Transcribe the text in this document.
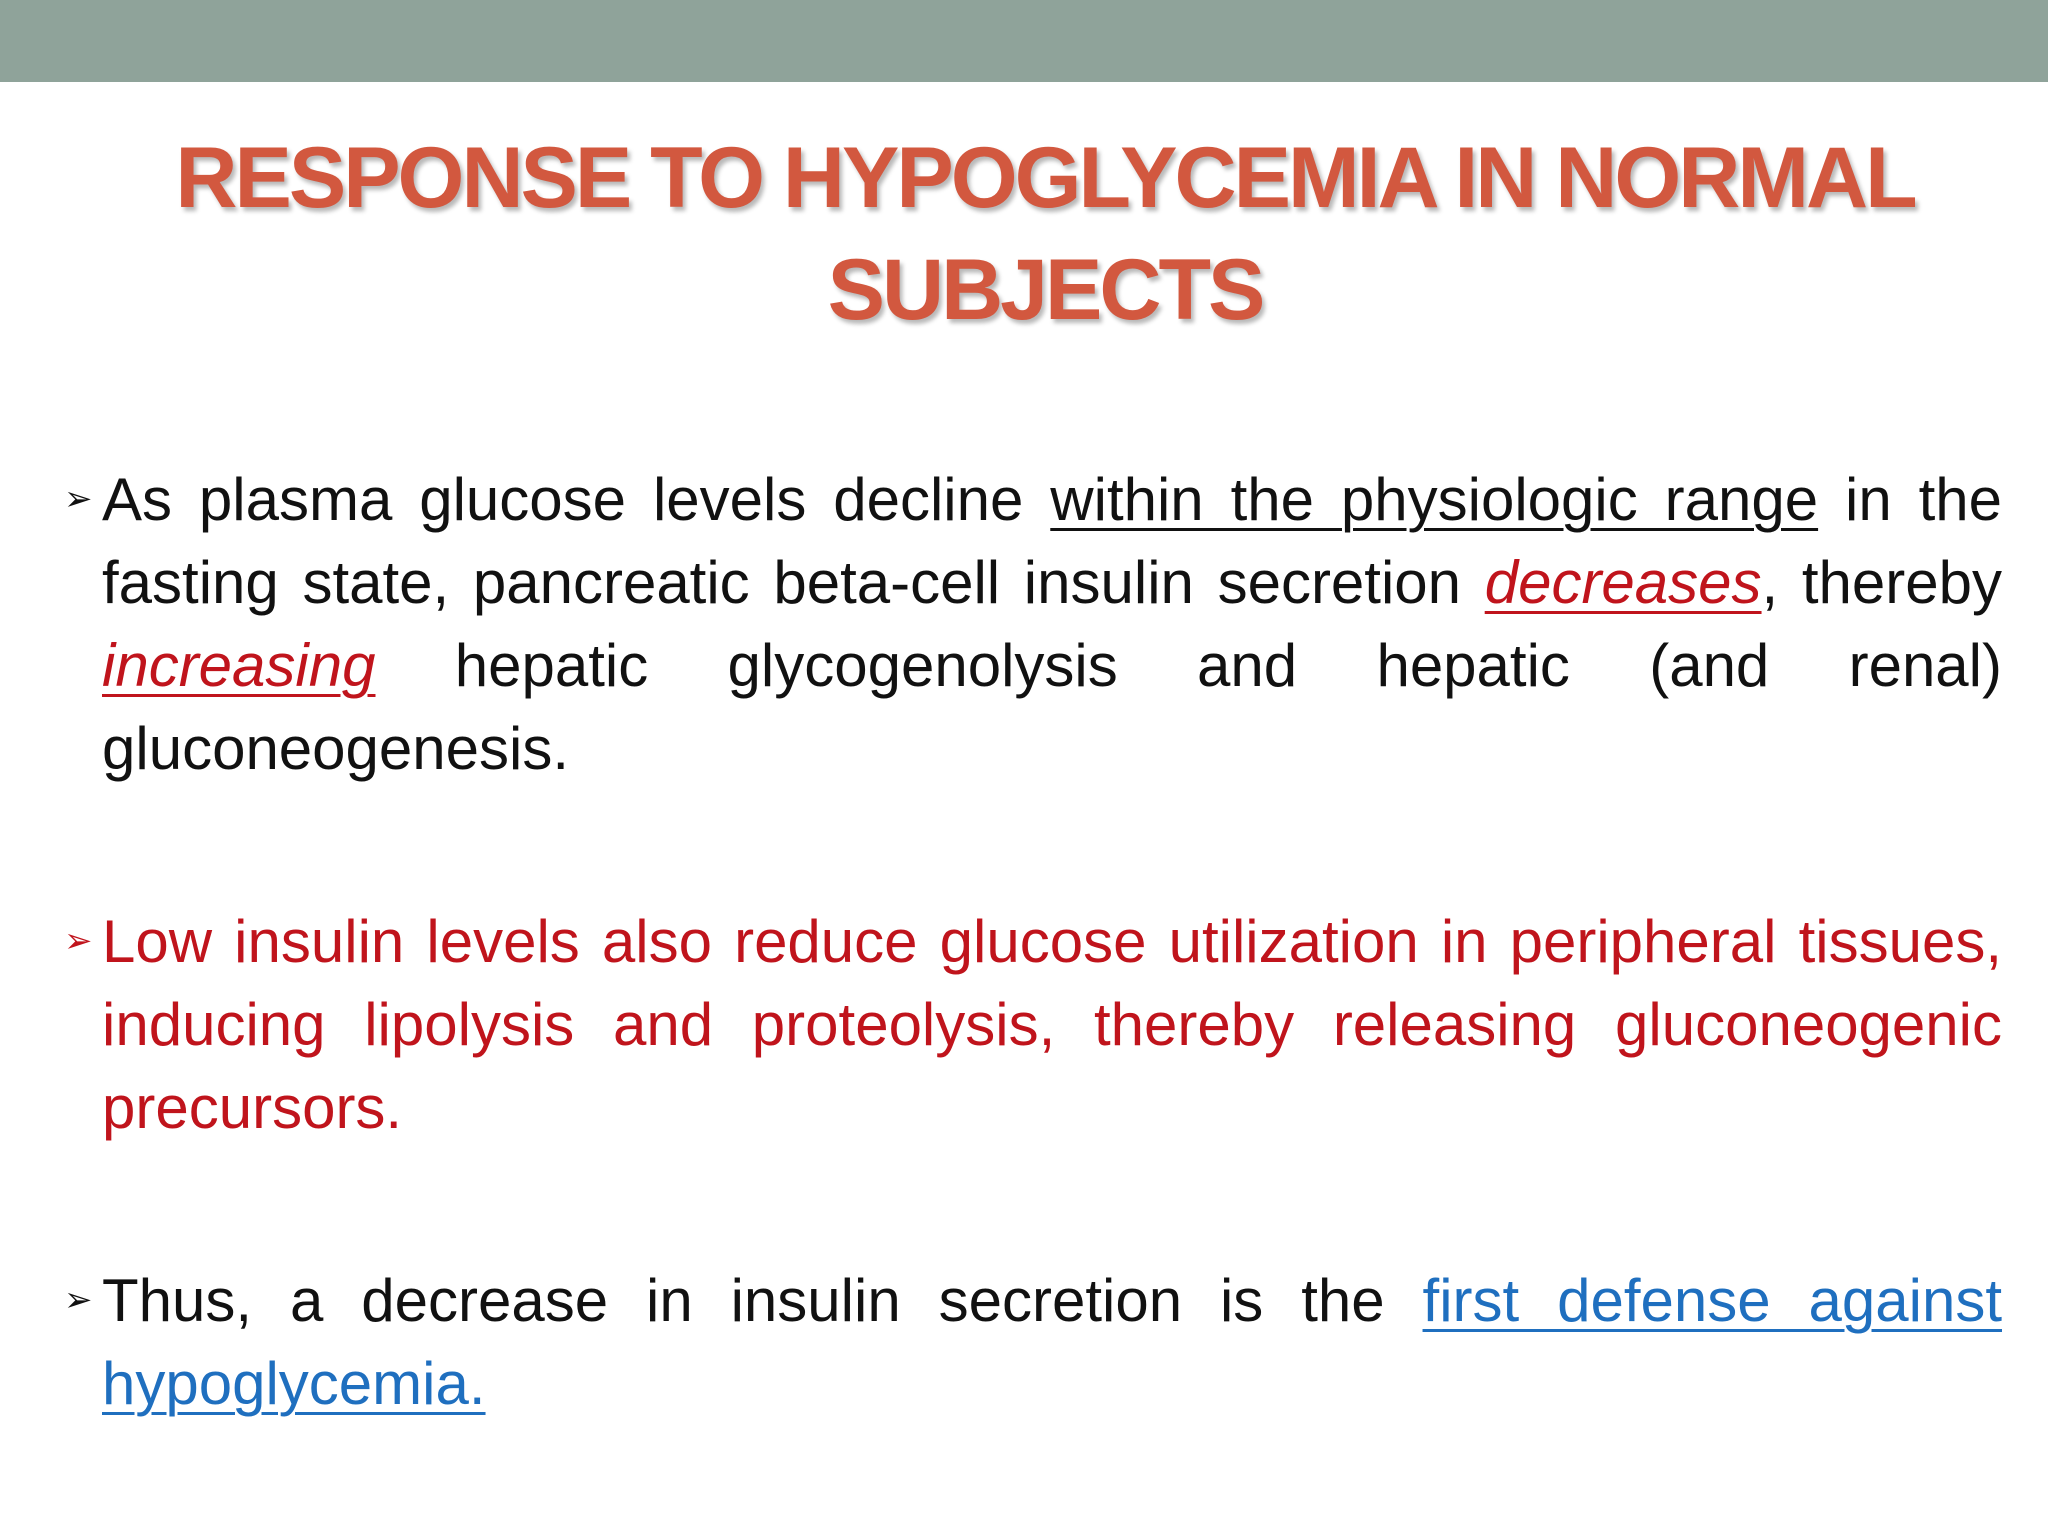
RESPONSE TO HYPOGLYCEMIA IN NORMAL
SUBJECTS

➢ As plasma glucose levels decline within the physiologic range in the fasting state, pancreatic beta-cell insulin secretion decreases, thereby increasing hepatic glycogenolysis and hepatic (and renal) gluconeogenesis.

➢ Low insulin levels also reduce glucose utilization in peripheral tissues, inducing lipolysis and proteolysis, thereby releasing gluconeogenic precursors.

➢ Thus, a decrease in insulin secretion is the first defense against hypoglycemia.
